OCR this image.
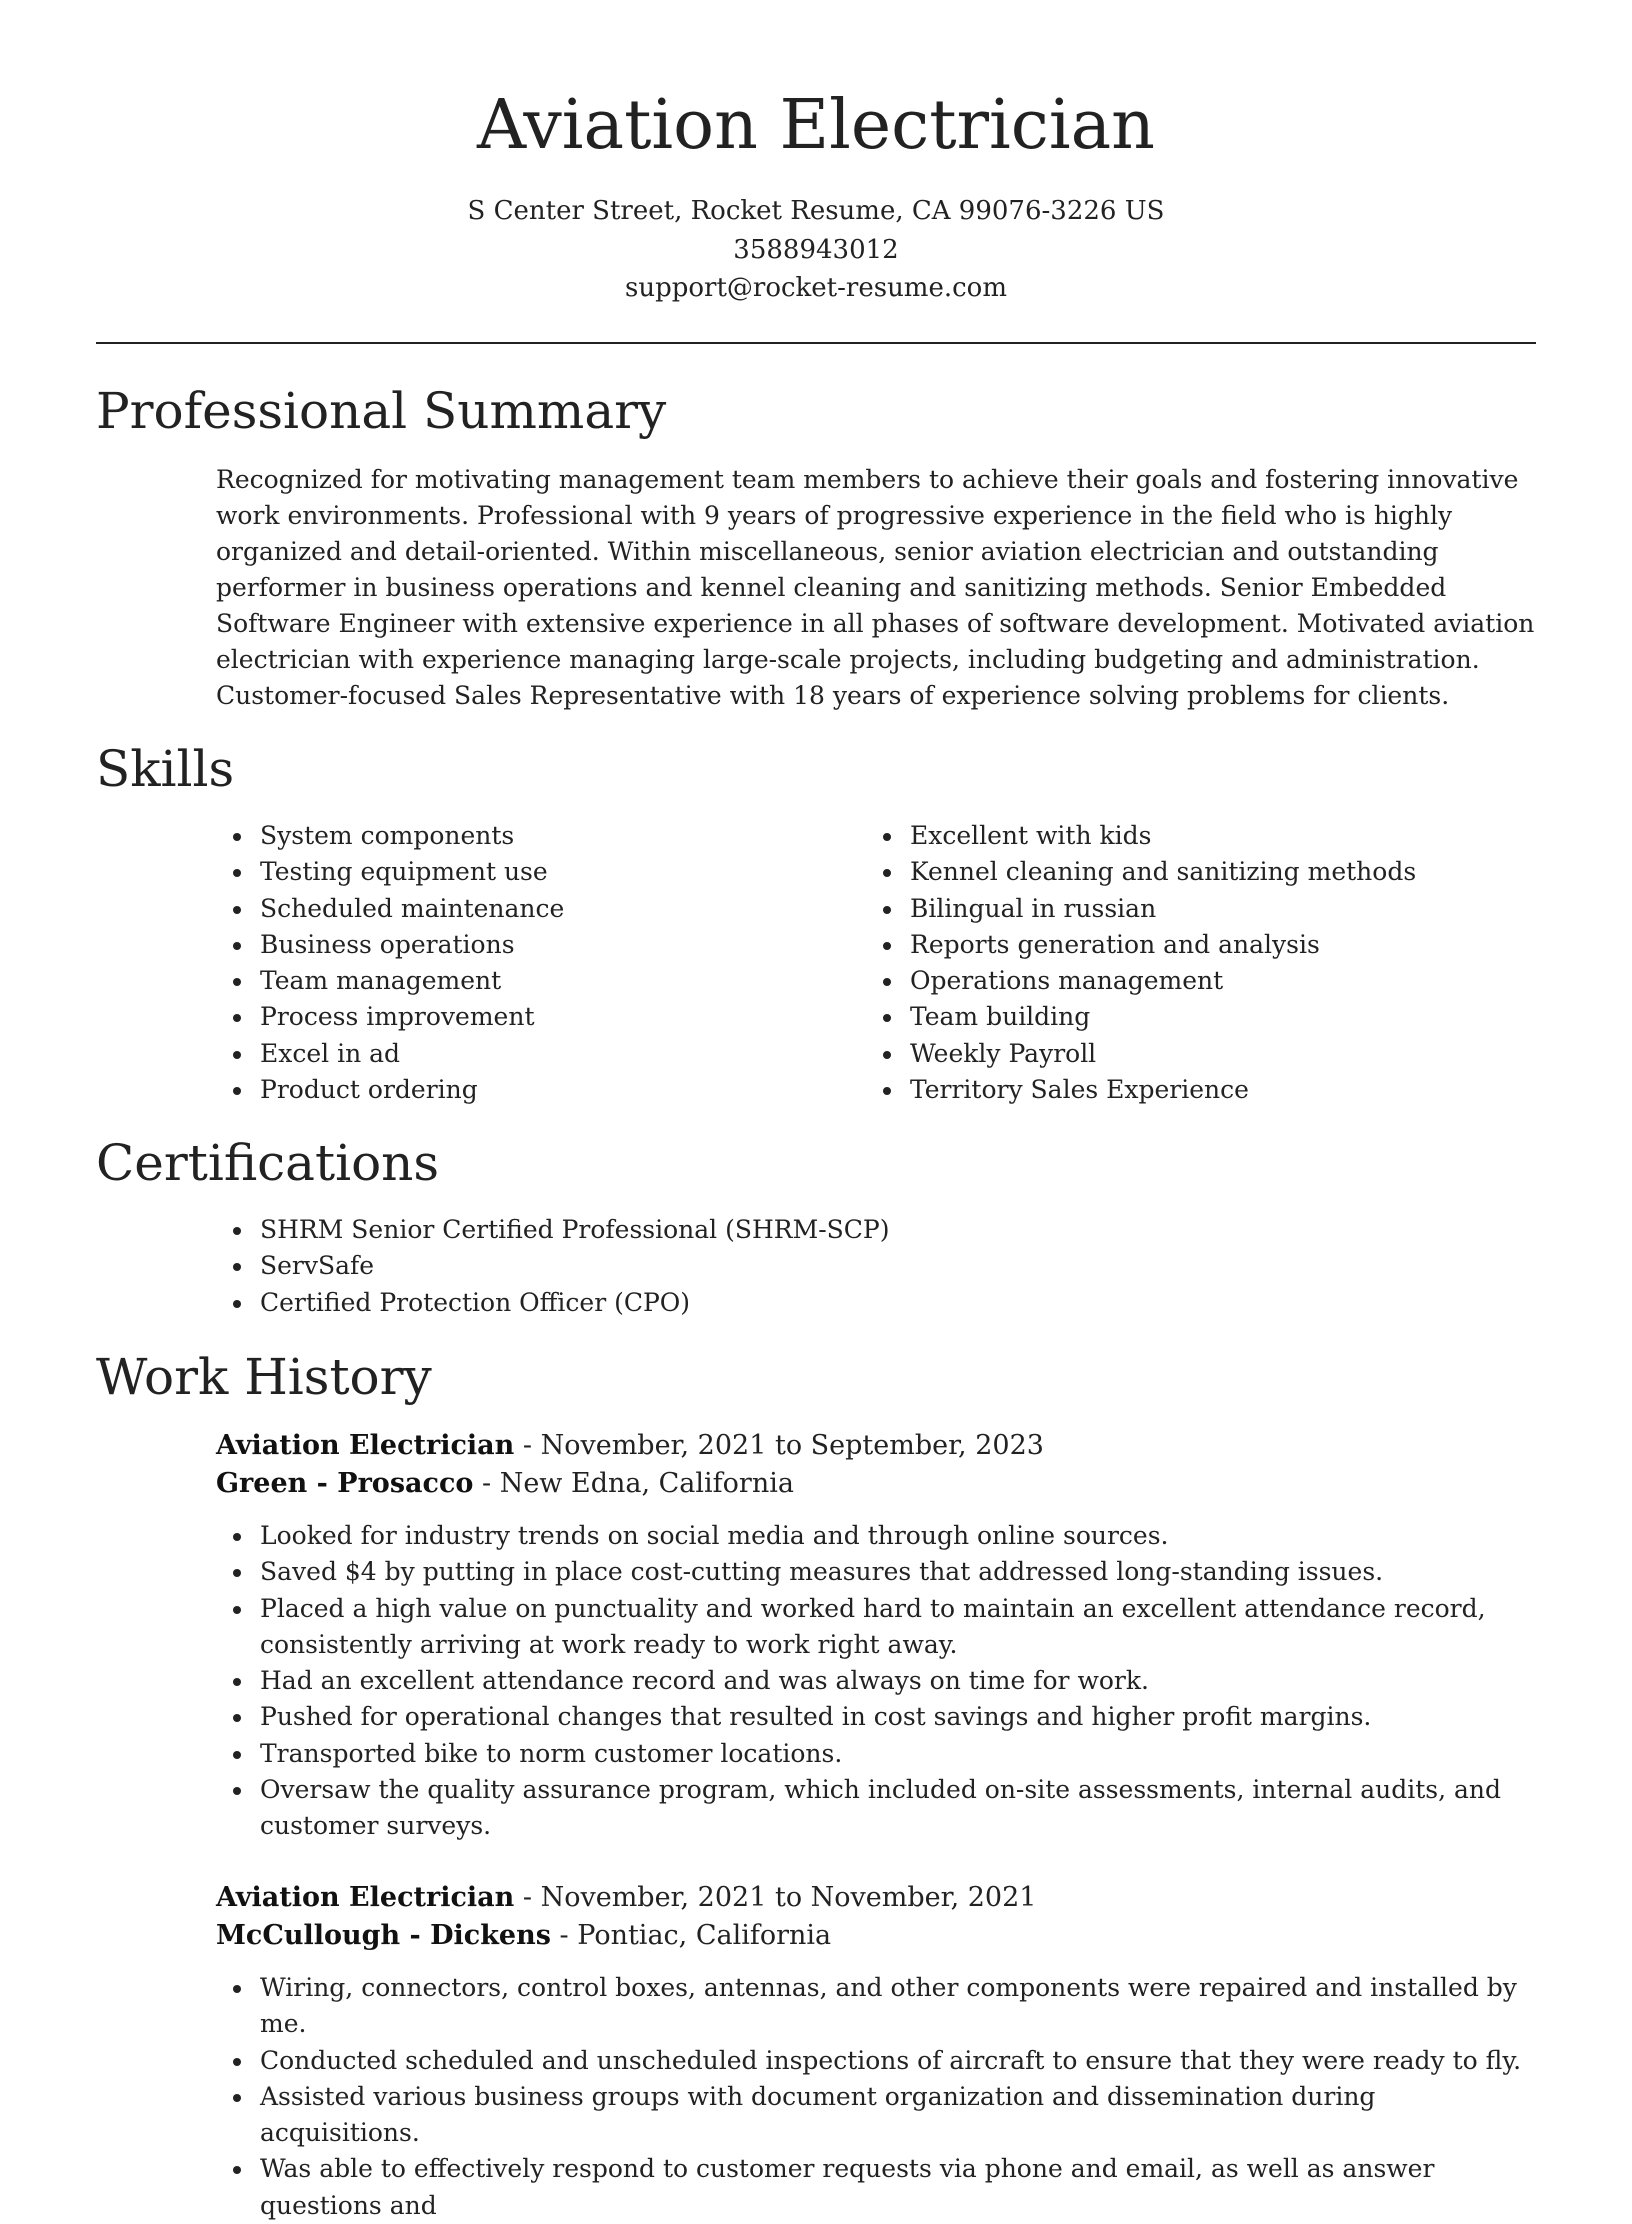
Aviation Electrician
S Center Street, Rocket Resume, CA 99076-3226 US
3588943012
support@rocket-resume.com
Professional Summary

Recognized for motivating management team members to achieve their goals and fostering innovative work environments. Professional with 9 years of progressive experience in the field who is highly organized and detail-oriented. Within miscellaneous, senior aviation electrician and outstanding performer in business operations and kennel cleaning and sanitizing methods. Senior Embedded Software Engineer with extensive experience in all phases of software development. Motivated aviation electrician with experience managing large-scale projects, including budgeting and administration. Customer-focused Sales Representative with 18 years of experience solving problems for clients.

Skills
System components
Testing equipment use
Scheduled maintenance
Business operations
Team management
Process improvement
Excel in ad
Product ordering
Excellent with kids
Kennel cleaning and sanitizing methods
Bilingual in russian
Reports generation and analysis
Operations management
Team building
Weekly Payroll
Territory Sales Experience
Certifications
SHRM Senior Certified Professional (SHRM-SCP)
ServSafe
Certified Protection Officer (CPO)
Work History
Aviation Electrician - November, 2021 to September, 2023
Green - Prosacco - New Edna, California
Looked for industry trends on social media and through online sources.
Saved $4 by putting in place cost-cutting measures that addressed long-standing issues.
Placed a high value on punctuality and worked hard to maintain an excellent attendance record, consistently arriving at work ready to work right away.
Had an excellent attendance record and was always on time for work.
Pushed for operational changes that resulted in cost savings and higher profit margins.
Transported bike to norm customer locations.
Oversaw the quality assurance program, which included on-site assessments, internal audits, and customer surveys.
Aviation Electrician - November, 2021 to November, 2021
McCullough - Dickens - Pontiac, California
Wiring, connectors, control boxes, antennas, and other components were repaired and installed by me.
Conducted scheduled and unscheduled inspections of aircraft to ensure that they were ready to fly.
Assisted various business groups with document organization and dissemination during acquisitions.
Was able to effectively respond to customer requests via phone and email, as well as answer questions and
